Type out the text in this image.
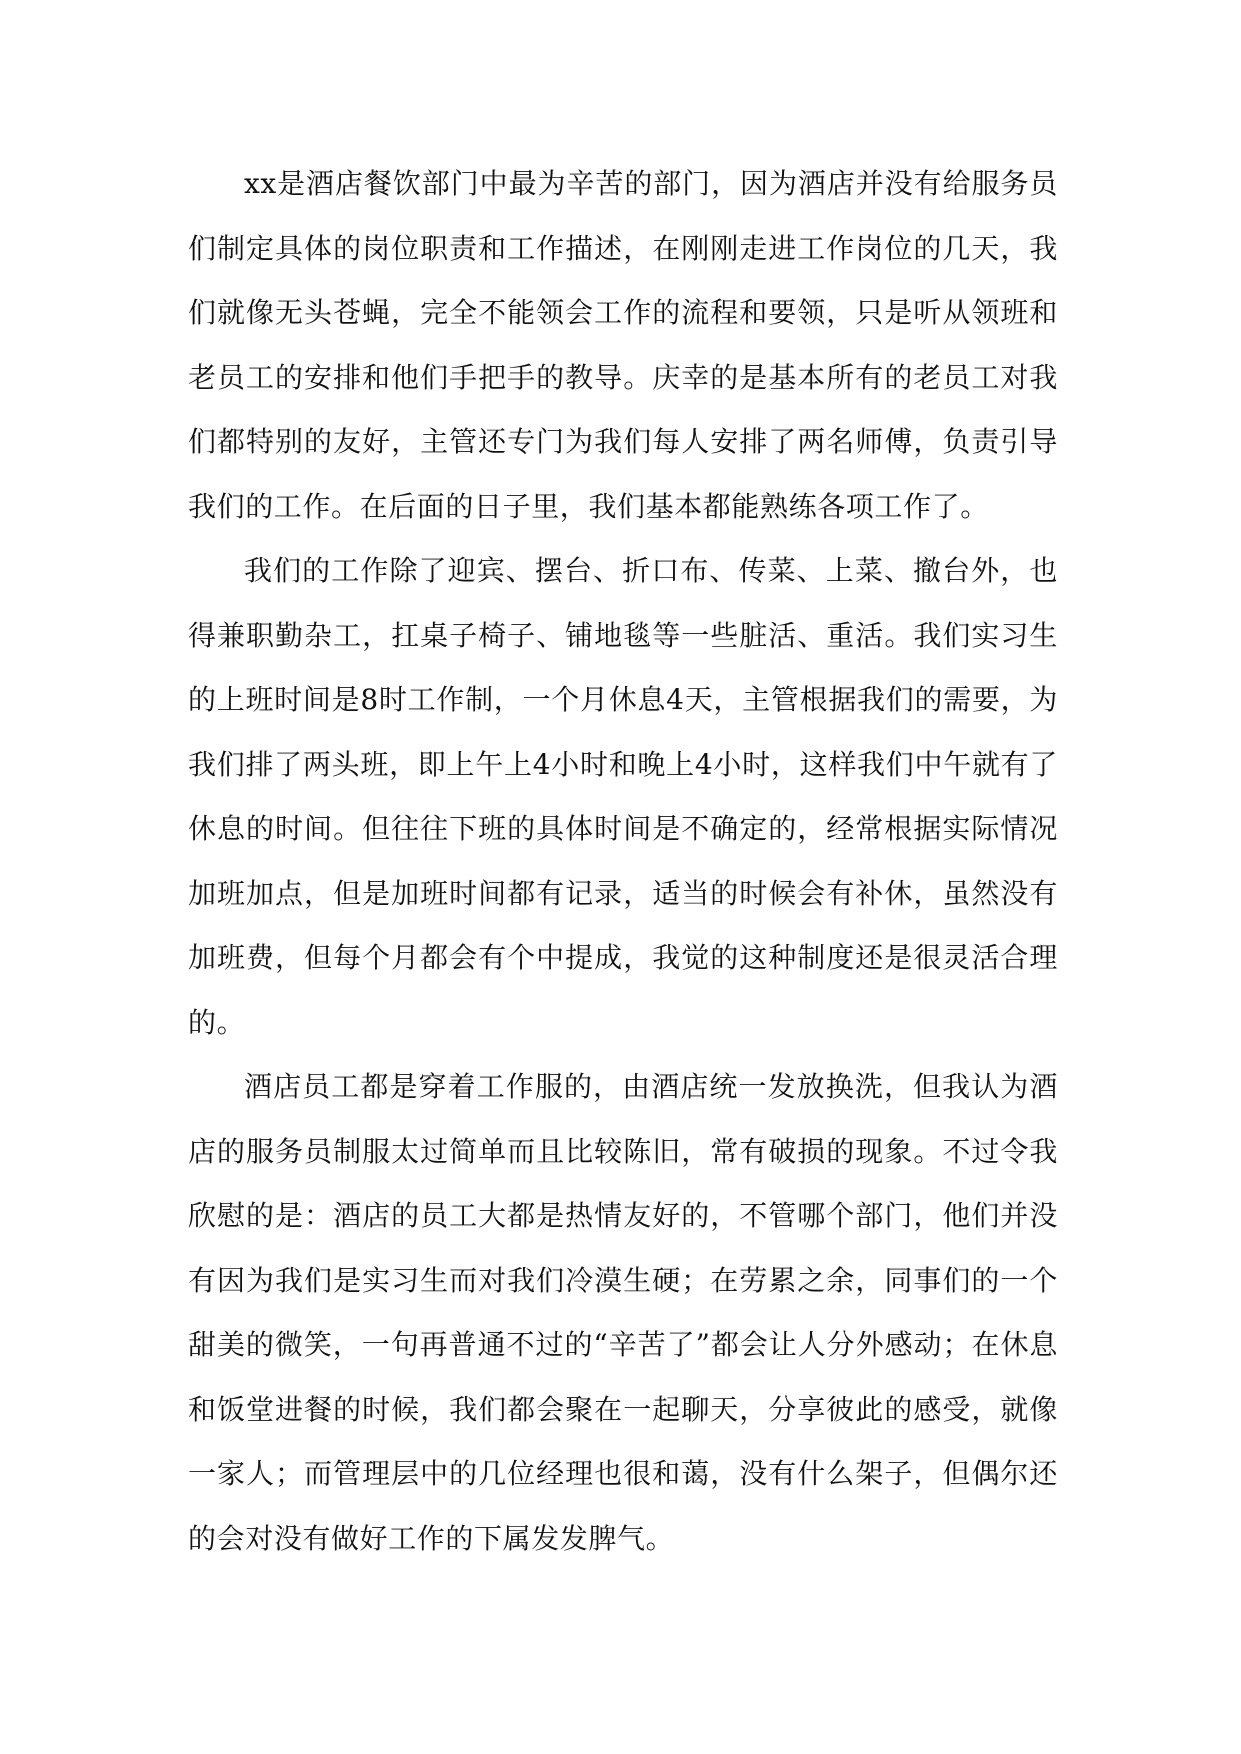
xx是酒店餐饮部门中最为辛苦的部门，因为酒店并没有给服务员们制定具体的岗位职责和工作描述，在刚刚走进工作岗位的几天，我们就像无头苍蝇，完全不能领会工作的流程和要领，只是听从领班和老员工的安排和他们手把手的教导。庆幸的是基本所有的老员工对我们都特别的友好，主管还专门为我们每人安排了两名师傅，负责引导我们的工作。在后面的日子里，我们基本都能熟练各项工作了。

我们的工作除了迎宾、摆台、折口布、传菜、上菜、撤台外，也得兼职勤杂工，扛桌子椅子、铺地毯等一些脏活、重活。我们实习生的上班时间是8时工作制，一个月休息4天，主管根据我们的需要，为我们排了两头班，即上午上4小时和晚上4小时，这样我们中午就有了休息的时间。但往往下班的具体时间是不确定的，经常根据实际情况加班加点，但是加班时间都有记录，适当的时候会有补休，虽然没有加班费，但每个月都会有个中提成，我觉的这种制度还是很灵活合理的。

酒店员工都是穿着工作服的，由酒店统一发放换洗，但我认为酒店的服务员制服太过简单而且比较陈旧，常有破损的现象。不过令我欣慰的是：酒店的员工大都是热情友好的，不管哪个部门，他们并没有因为我们是实习生而对我们冷漠生硬；在劳累之余，同事们的一个甜美的微笑，一句再普通不过的“辛苦了”都会让人分外感动；在休息和饭堂进餐的时候，我们都会聚在一起聊天，分享彼此的感受，就像一家人；而管理层中的几位经理也很和蔼，没有什么架子，但偶尔还的会对没有做好工作的下属发发脾气。
